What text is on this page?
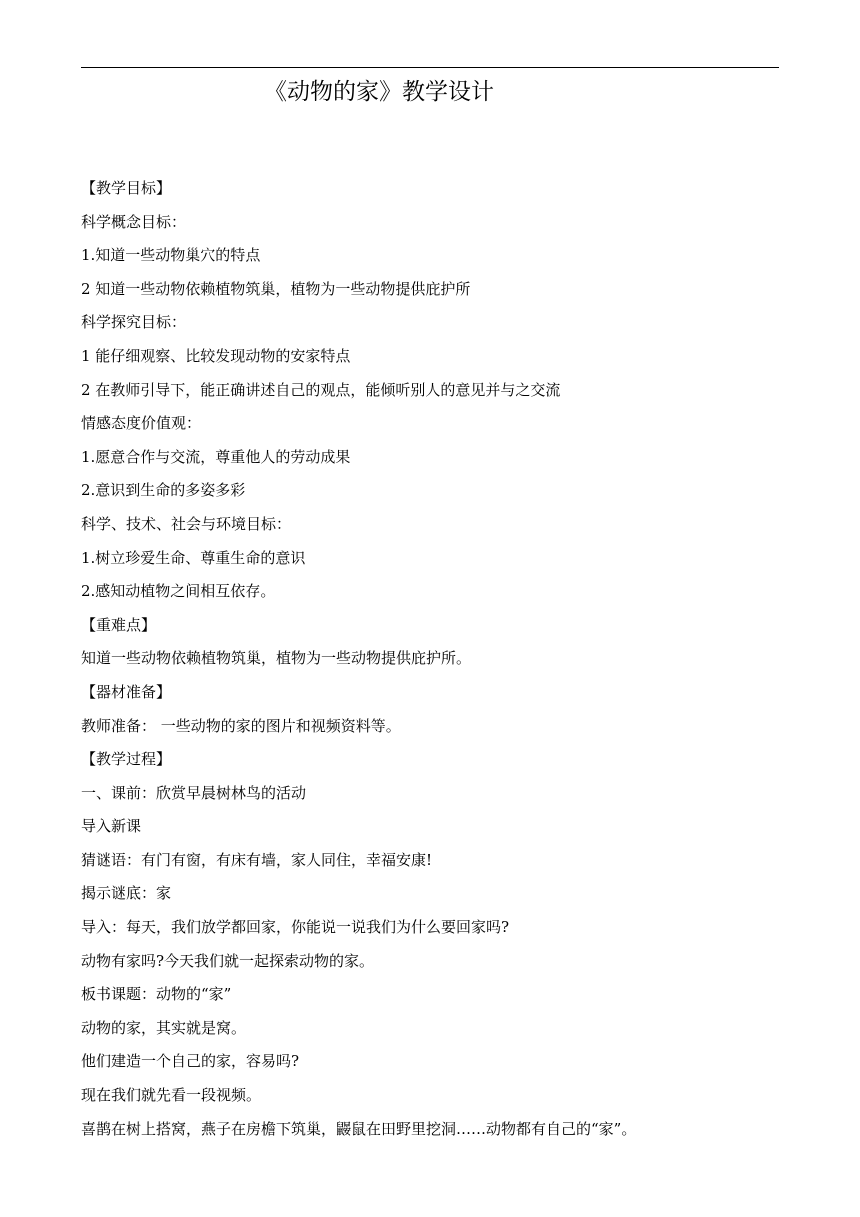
《动物的家》教学设计
【教学目标】
科学概念目标：
1.知道一些动物巢穴的特点
2 知道一些动物依赖植物筑巢，植物为一些动物提供庇护所
科学探究目标：
1 能仔细观察、比较发现动物的安家特点
2 在教师引导下，能正确讲述自己的观点，能倾听别人的意见并与之交流
情感态度价值观：
1.愿意合作与交流，尊重他人的劳动成果
2.意识到生命的多姿多彩
科学、技术、社会与环境目标：
1.树立珍爱生命、尊重生命的意识
2.感知动植物之间相互依存。
【重难点】
知道一些动物依赖植物筑巢，植物为一些动物提供庇护所。
【器材准备】
教师准备： 一些动物的家的图片和视频资料等。
【教学过程】
一、课前：欣赏早晨树林鸟的活动
导入新课
猜谜语：有门有窗，有床有墙，家人同住，幸福安康!
揭示谜底：家
导入：每天，我们放学都回家，你能说一说我们为什么要回家吗?
动物有家吗?今天我们就一起探索动物的家。
板书课题：动物的“家”
动物的家，其实就是窝。
他们建造一个自己的家，容易吗?
现在我们就先看一段视频。
喜鹊在树上搭窝，燕子在房檐下筑巢，鼹鼠在田野里挖洞……动物都有自己的“家”。
